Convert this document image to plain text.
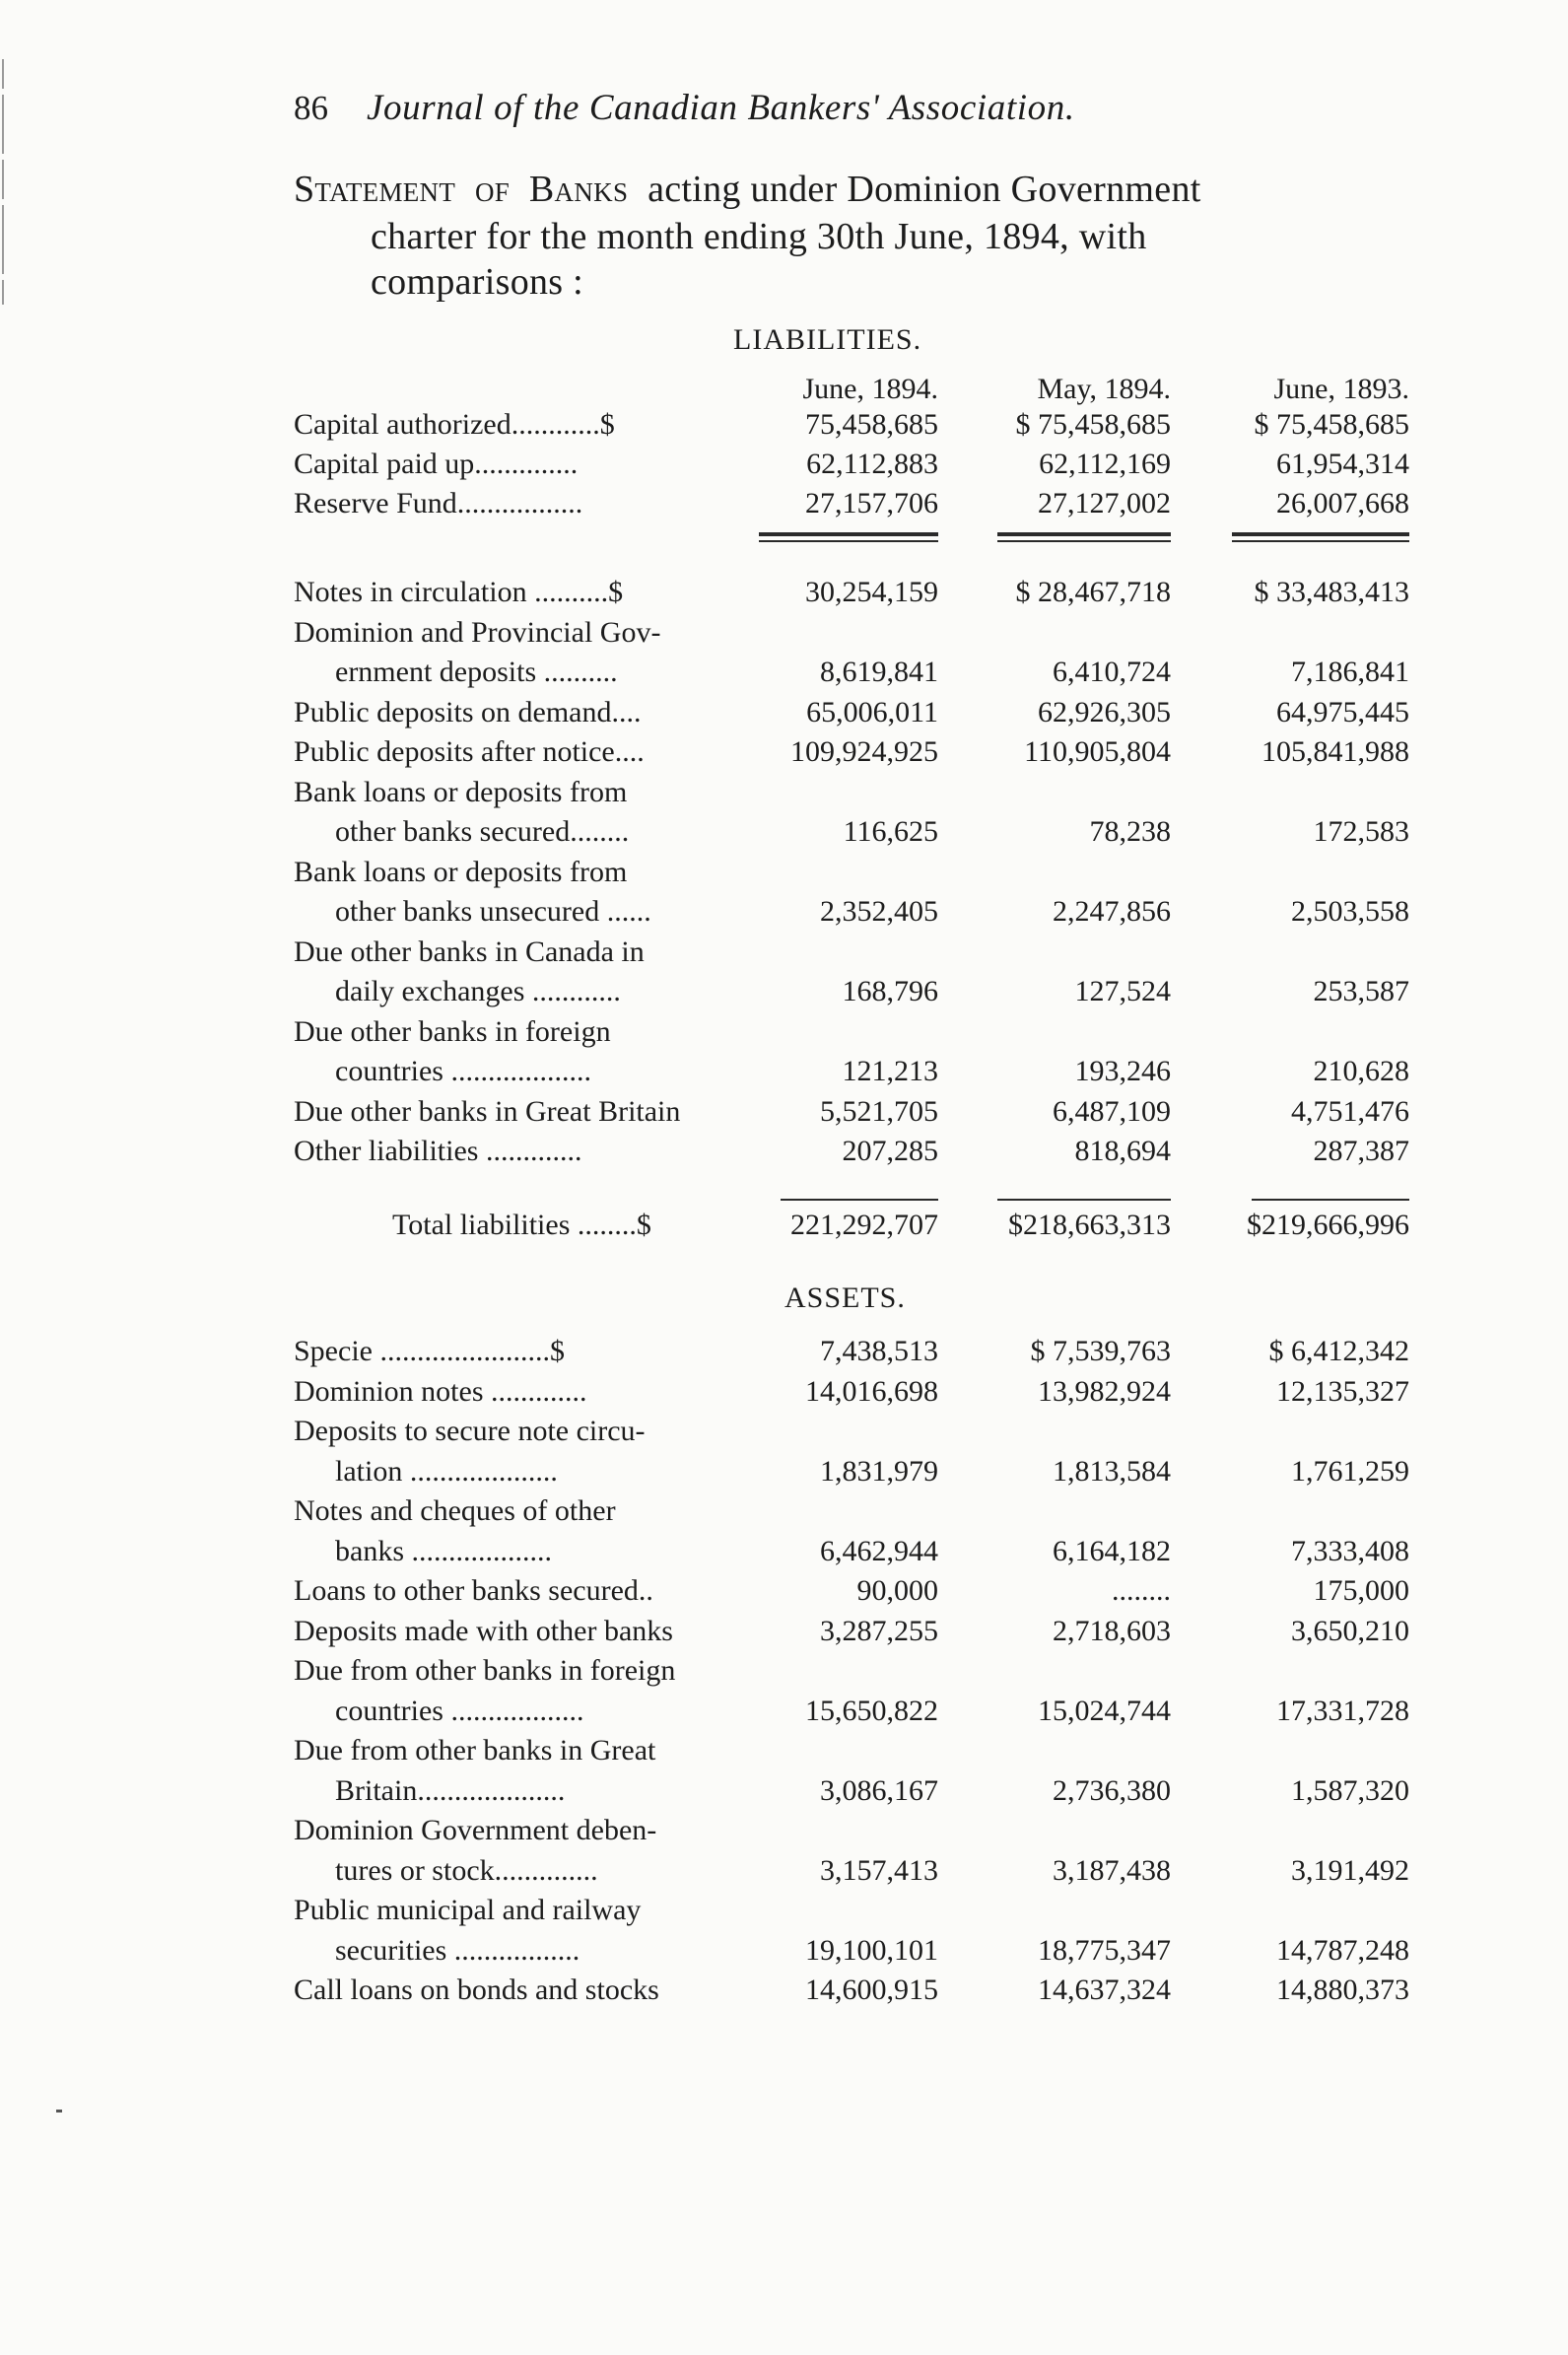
86 Journal of the Canadian Bankers' Association.
Statement of Banks acting under Dominion Government
charter for the month ending 30th June, 1894, with
comparisons :
LIABILITIES.
June, 1894.	May, 1894.	June, 1893.
Capital authorized............$	75,458,685	$ 75,458,685	$ 75,458,685
Capital paid up..............	62,112,883	62,112,169	61,954,314
Reserve Fund.................	27,157,706	27,127,002	26,007,668
Notes in circulation ..........$	30,254,159	$ 28,467,718	$ 33,483,413
Dominion and Provincial Gov-
ernment deposits ..........	8,619,841	6,410,724	7,186,841
Public deposits on demand....	65,006,011	62,926,305	64,975,445
Public deposits after notice....	109,924,925	110,905,804	105,841,988
Bank loans or deposits from
other banks secured........	116,625	78,238	172,583
Bank loans or deposits from
other banks unsecured ......	2,352,405	2,247,856	2,503,558
Due other banks in Canada in
daily exchanges ............	168,796	127,524	253,587
Due other banks in foreign
countries ...................	121,213	193,246	210,628
Due other banks in Great Britain	5,521,705	6,487,109	4,751,476
Other liabilities .............	207,285	818,694	287,387
Total liabilities ........$	221,292,707	$218,663,313	$219,666,996
ASSETS.
Specie .......................$	7,438,513	$ 7,539,763	$ 6,412,342
Dominion notes .............	14,016,698	13,982,924	12,135,327
Deposits to secure note circu-
lation ....................	1,831,979	1,813,584	1,761,259
Notes and cheques of other
banks ...................	6,462,944	6,164,182	7,333,408
Loans to other banks secured..	90,000	........	175,000
Deposits made with other banks	3,287,255	2,718,603	3,650,210
Due from other banks in foreign
countries ..................	15,650,822	15,024,744	17,331,728
Due from other banks in Great
Britain....................	3,086,167	2,736,380	1,587,320
Dominion Government deben-
tures or stock..............	3,157,413	3,187,438	3,191,492
Public municipal and railway
securities .................	19,100,101	18,775,347	14,787,248
Call loans on bonds and stocks	14,600,915	14,637,324	14,880,373
